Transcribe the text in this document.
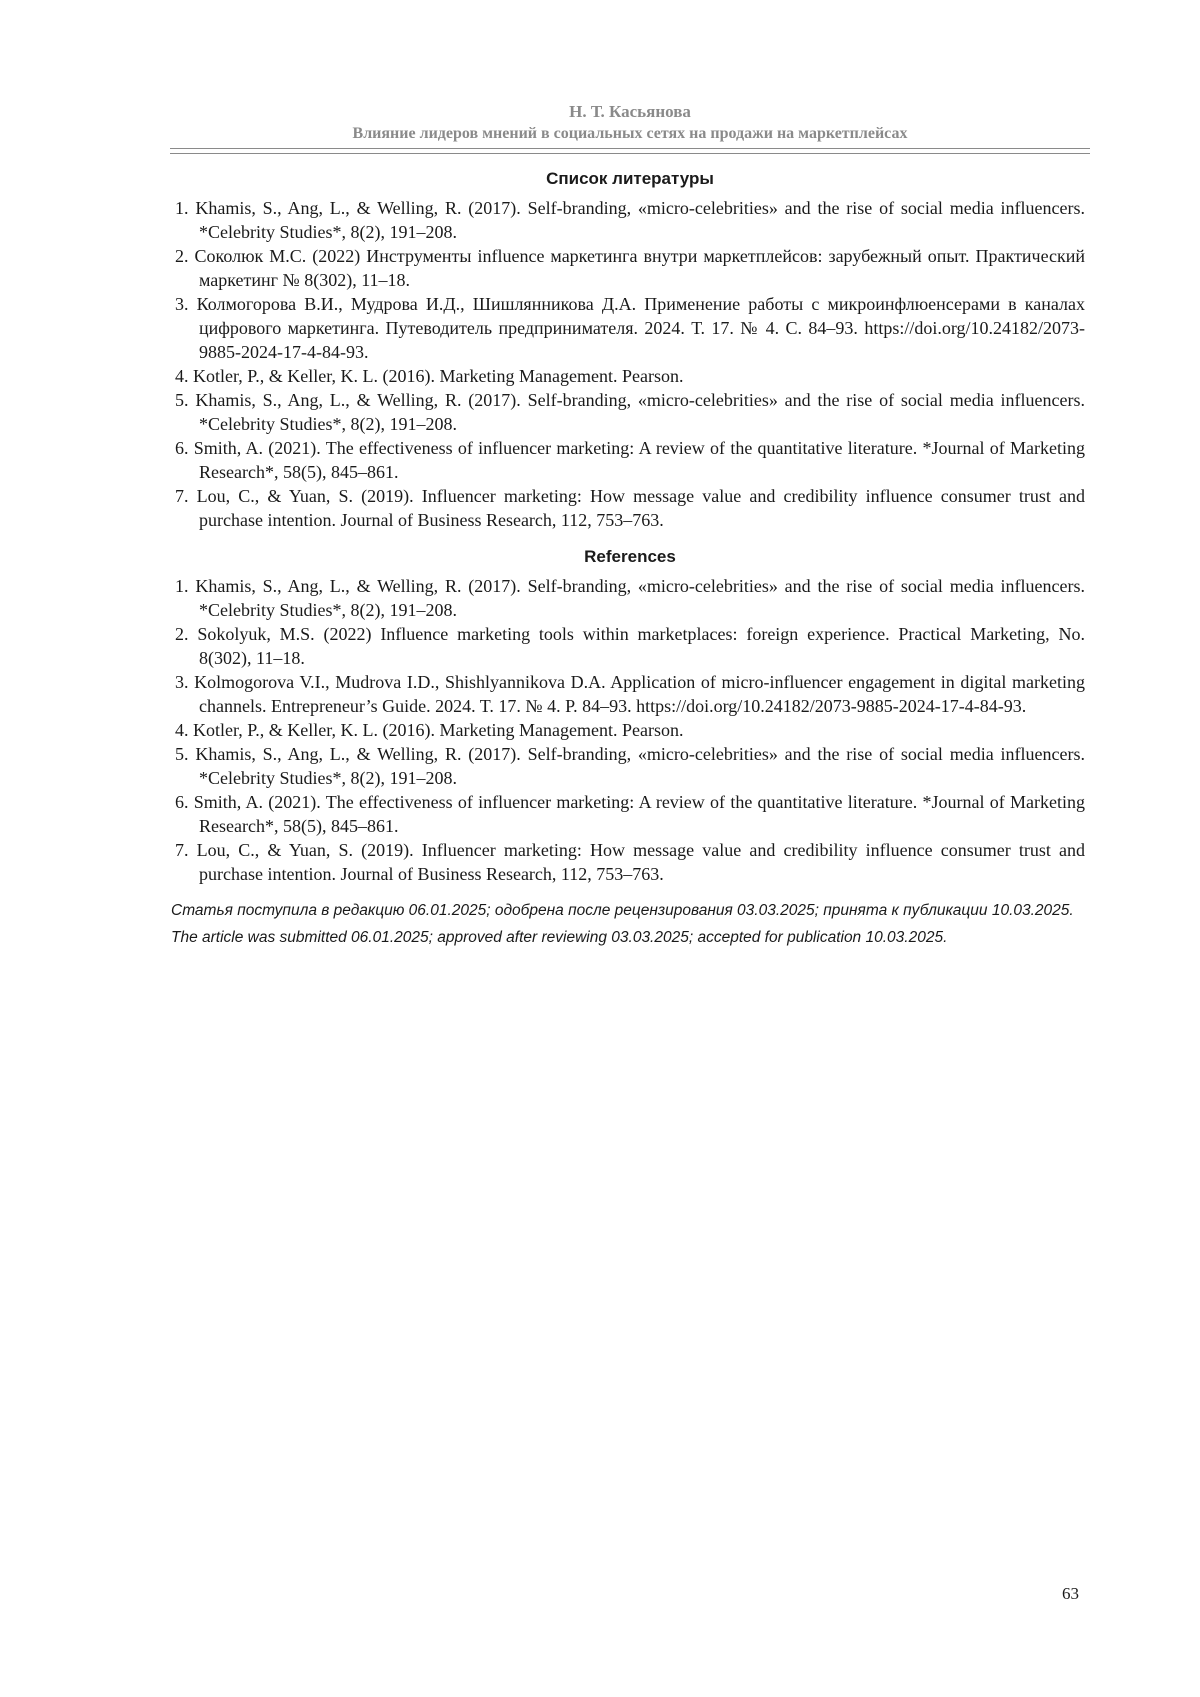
Н. Т. Касьянова
Влияние лидеров мнений в социальных сетях на продажи на маркетплейсах
Список литературы
1. Khamis, S., Ang, L., & Welling, R. (2017). Self-branding, «micro-celebrities» and the rise of social media influencers. *Celebrity Studies*, 8(2), 191–208.
2. Соколюк М.С. (2022) Инструменты influence маркетинга внутри маркетплейсов: зарубежный опыт. Практический маркетинг № 8(302), 11–18.
3. Колмогорова В.И., Мудрова И.Д., Шишлянникова Д.А. Применение работы с микроинфлюенсерами в каналах цифрового маркетинга. Путеводитель предпринимателя. 2024. Т. 17. № 4. С. 84–93. https://doi.org/10.24182/2073-9885-2024-17-4-84-93.
4. Kotler, P., & Keller, K. L. (2016). Marketing Management. Pearson.
5. Khamis, S., Ang, L., & Welling, R. (2017). Self-branding, «micro-celebrities» and the rise of social media influencers. *Celebrity Studies*, 8(2), 191–208.
6. Smith, A. (2021). The effectiveness of influencer marketing: A review of the quantitative literature. *Journal of Marketing Research*, 58(5), 845–861.
7. Lou, C., & Yuan, S. (2019). Influencer marketing: How message value and credibility influence consumer trust and purchase intention. Journal of Business Research, 112, 753–763.
References
1. Khamis, S., Ang, L., & Welling, R. (2017). Self-branding, «micro-celebrities» and the rise of social media influencers. *Celebrity Studies*, 8(2), 191–208.
2. Sokolyuk, M.S. (2022) Influence marketing tools within marketplaces: foreign experience. Practical Marketing, No. 8(302), 11–18.
3. Kolmogorova V.I., Mudrova I.D., Shishlyannikova D.A. Application of micro-influencer engagement in digital marketing channels. Entrepreneur’s Guide. 2024. T. 17. № 4. P. 84–93. https://doi.org/10.24182/2073-9885-2024-17-4-84-93.
4. Kotler, P., & Keller, K. L. (2016). Marketing Management. Pearson.
5. Khamis, S., Ang, L., & Welling, R. (2017). Self-branding, «micro-celebrities» and the rise of social media influencers. *Celebrity Studies*, 8(2), 191–208.
6. Smith, A. (2021). The effectiveness of influencer marketing: A review of the quantitative literature. *Journal of Marketing Research*, 58(5), 845–861.
7. Lou, C., & Yuan, S. (2019). Influencer marketing: How message value and credibility influence consumer trust and purchase intention. Journal of Business Research, 112, 753–763.
Статья поступила в редакцию 06.01.2025; одобрена после рецензирования 03.03.2025; принята к публикации 10.03.2025.
The article was submitted 06.01.2025; approved after reviewing 03.03.2025; accepted for publication 10.03.2025.
63
